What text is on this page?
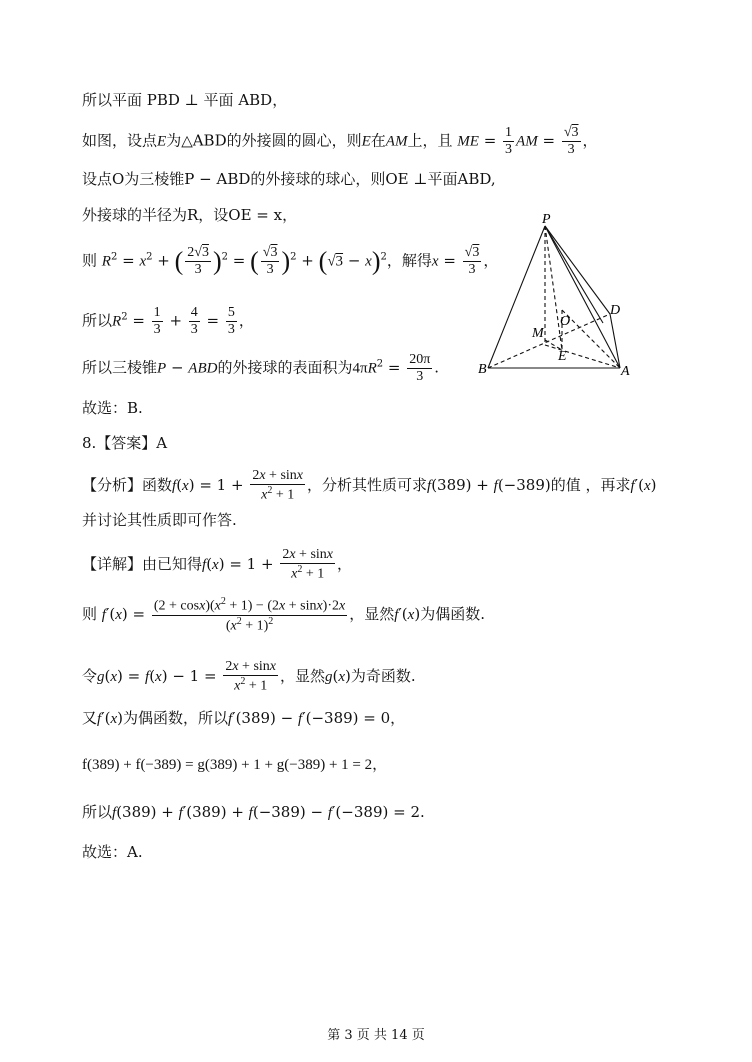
所以平面 PBD ⊥ 平面 ABD，
如图，设点E为△ABD的外接圆的圆心，则E在AM上，且 ME = $\frac{1}{3}$ AM = $\frac{√3}{3}$ ，
设点O为三棱锥P − ABD的外接球的球心，则OE ⊥平面ABD,
外接球的半径为R，设OE = x，
则 $R^2 = x^2$ + ( $\frac{2√3}{3} )^2$ = ( $\frac{√3}{3} )^2 + (√3 - x)^2$，解得$x = \frac{√3}{3}$ ，
所以$R^2 = \frac{1}{3} + \frac{4}{3} = \frac{5}{3}$ ，
所以三棱锥P − ABD的外接球的表面积为$4\pi R^2 = \frac{20\pi}{3}$ .
故选：B.
8.【答案】A
【分析】函数$f(x) = 1 + \frac{2x + \sin x}{x^2 + 1}$ ，分析其性质可求f(389) + f(−389)的值 ，再求f′(x)
并讨论其性质即可作答.
【详解】由已知得$f(x) = 1 + \frac{2x + \sin x}{x^2 + 1}$ ，
则 $f'(x) = \frac{(2 + \cos x)(x^2 + 1) - (2x + \sin x)\cdot 2x}{(x^2 + 1)^2}$ ，显然f′(x)为偶函数.
令$g(x) = f(x) - 1 = \frac{2x + \sin x}{x^2 + 1}$ ，显然g(x)为奇函数.
又f′(x)为偶函数，所以f′(389) − f′(−389) = 0，
f(389) + f(−389) = g(389) + 1 + g(−389) + 1 = 2，
所以f(389) + f′(389) + f(−389) − f′(−389) = 2.
故选：A.
P
D
O
M
E
B	A
第 3 页 共 14 页
